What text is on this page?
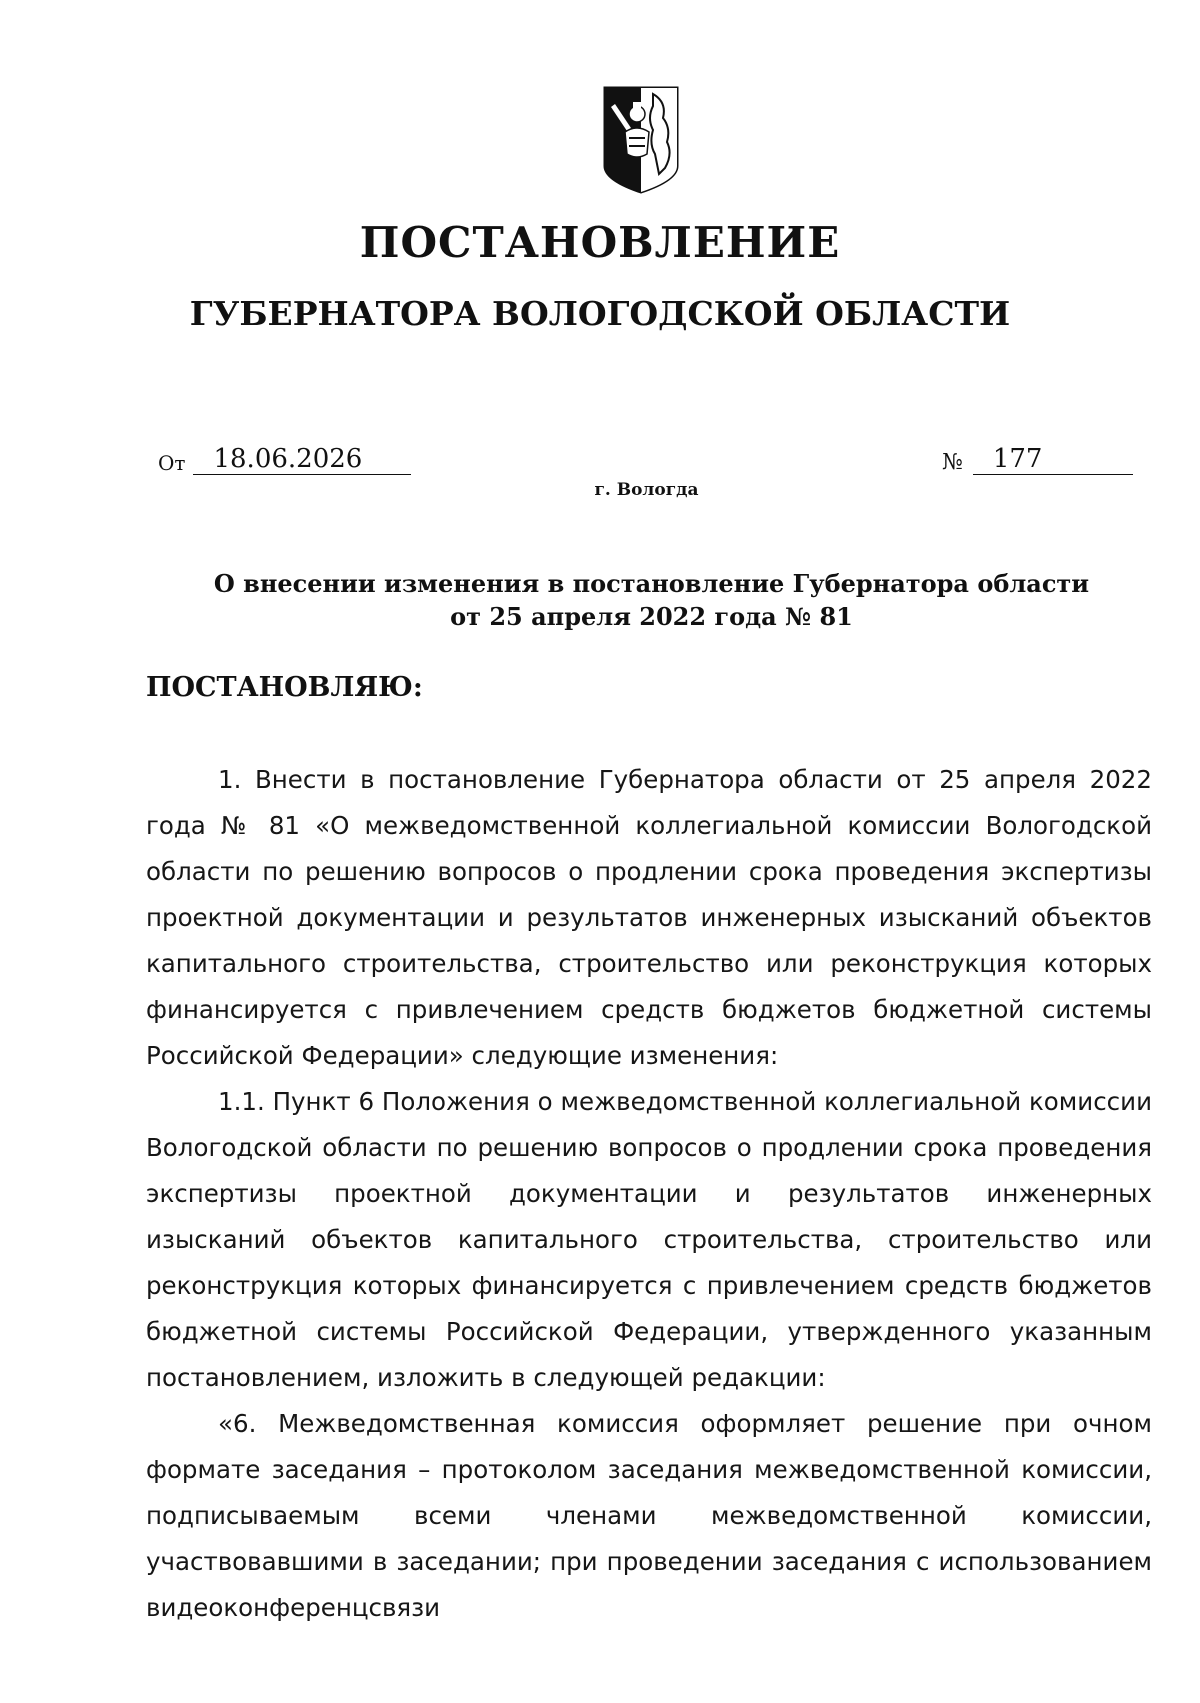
ПОСТАНОВЛЕНИЕ
ГУБЕРНАТОРА ВОЛОГОДСКОЙ ОБЛАСТИ
От	18.06.2026	№	177

г. Вологда

О внесении изменения в постановление Губернатора области
от 25 апреля 2022 года № 81

ПОСТАНОВЛЯЮ:

1. Внести в постановление Губернатора области от 25 апреля 2022 года № 81 «О межведомственной коллегиальной комиссии Вологодской области по решению вопросов о продлении срока проведения экспертизы проектной документации и результатов инженерных изысканий объектов капитального строительства, строительство или реконструкция которых финансируется с привлечением средств бюджетов бюджетной системы Российской Федерации» следующие изменения:

1.1. Пункт 6 Положения о межведомственной коллегиальной комиссии Вологодской области по решению вопросов о продлении срока проведения экспертизы проектной документации и результатов инженерных изысканий объектов капитального строительства, строительство или реконструкция которых финансируется с привлечением средств бюджетов бюджетной системы Российской Федерации, утвержденного указанным постановлением, изложить в следующей редакции:

«6. Межведомственная комиссия оформляет решение при очном формате заседания – протоколом заседания межведомственной комиссии, подписываемым всеми членами межведомственной комиссии, участвовавшими в заседании; при проведении заседания с использованием видеоконференцсвязи
